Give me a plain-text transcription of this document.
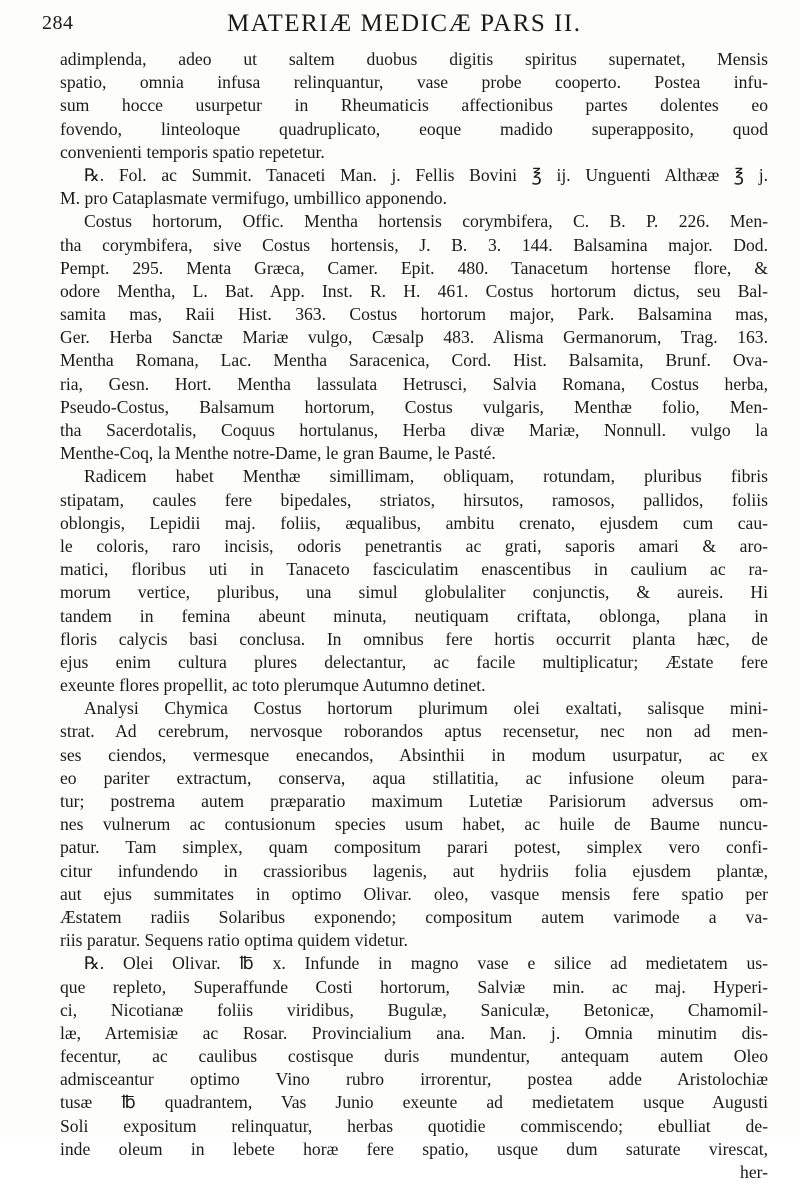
284	MATERIÆ MEDICÆ PARS II.
adimplenda, adeo ut saltem duobus digitis spiritus supernatet, Mensis
spatio, omnia infusa relinquantur, vase probe cooperto. Postea infu-
sum hocce usurpetur in Rheumaticis affectionibus partes dolentes eo
fovendo, linteoloque quadruplicato, eoque madido superapposito, quod
convenienti temporis spatio repetetur.
℞. Fol. ac Summit. Tanaceti Man. j. Fellis Bovini ℥ ij. Unguenti Althææ ℥ j.
M. pro Cataplasmate vermifugo, umbillico apponendo.
Costus hortorum, Offic. Mentha hortensis corymbifera, C. B. P. 226. Men-
tha corymbifera, sive Costus hortensis, J. B. 3. 144. Balsamina major. Dod.
Pempt. 295. Menta Græca, Camer. Epit. 480. Tanacetum hortense flore, &
odore Mentha, L. Bat. App. Inst. R. H. 461. Costus hortorum dictus, seu Bal-
samita mas, Raii Hist. 363. Costus hortorum major, Park. Balsamina mas,
Ger. Herba Sanctæ Mariæ vulgo, Cæsalp 483. Alisma Germanorum, Trag. 163.
Mentha Romana, Lac. Mentha Saracenica, Cord. Hist. Balsamita, Brunf. Ova-
ria, Gesn. Hort. Mentha lassulata Hetrusci, Salvia Romana, Costus herba,
Pseudo-Costus, Balsamum hortorum, Costus vulgaris, Menthæ folio, Men-
tha Sacerdotalis, Coquus hortulanus, Herba divæ Mariæ, Nonnull. vulgo la
Menthe-Coq, la Menthe notre-Dame, le gran Baume, le Pasté.
Radicem habet Menthæ simillimam, obliquam, rotundam, pluribus fibris
stipatam, caules fere bipedales, striatos, hirsutos, ramosos, pallidos, foliis
oblongis, Lepidii maj. foliis, æqualibus, ambitu crenato, ejusdem cum cau-
le coloris, raro incisis, odoris penetrantis ac grati, saporis amari & aro-
matici, floribus uti in Tanaceto fasciculatim enascentibus in caulium ac ra-
morum vertice, pluribus, una simul globulaliter conjunctis, & aureis. Hi
tandem in femina abeunt minuta, neutiquam criftata, oblonga, plana in
floris calycis basi conclusa. In omnibus fere hortis occurrit planta hæc, de
ejus enim cultura plures delectantur, ac facile multiplicatur; Æstate fere
exeunte flores propellit, ac toto plerumque Autumno detinet.
Analysi Chymica Costus hortorum plurimum olei exaltati, salisque mini-
strat. Ad cerebrum, nervosque roborandos aptus recensetur, nec non ad men-
ses ciendos, vermesque enecandos, Absinthii in modum usurpatur, ac ex
eo pariter extractum, conserva, aqua stillatitia, ac infusione oleum para-
tur; postrema autem præparatio maximum Lutetiæ Parisiorum adversus om-
nes vulnerum ac contusionum species usum habet, ac huile de Baume nuncu-
patur. Tam simplex, quam compositum parari potest, simplex vero confi-
citur infundendo in crassioribus lagenis, aut hydriis folia ejusdem plantæ,
aut ejus summitates in optimo Olivar. oleo, vasque mensis fere spatio per
Æstatem radiis Solaribus exponendo; compositum autem varimode a va-
riis paratur. Sequens ratio optima quidem videtur.
℞. Olei Olivar. ℔ x. Infunde in magno vase e silice ad medietatem us-
que repleto, Superaffunde Costi hortorum, Salviæ min. ac maj. Hyperi-
ci, Nicotianæ foliis viridibus, Bugulæ, Saniculæ, Betonicæ, Chamomil-
læ, Artemisiæ ac Rosar. Provincialium ana. Man. j. Omnia minutim dis-
fecentur, ac caulibus costisque duris mundentur, antequam autem Oleo
admisceantur optimo Vino rubro irrorentur, postea adde Aristolochiæ
tusæ ℔ quadrantem, Vas Junio exeunte ad medietatem usque Augusti
Soli expositum relinquatur, herbas quotidie commiscendo; ebulliat de-
inde oleum in lebete horæ fere spatio, usque dum saturate virescat,
her-
